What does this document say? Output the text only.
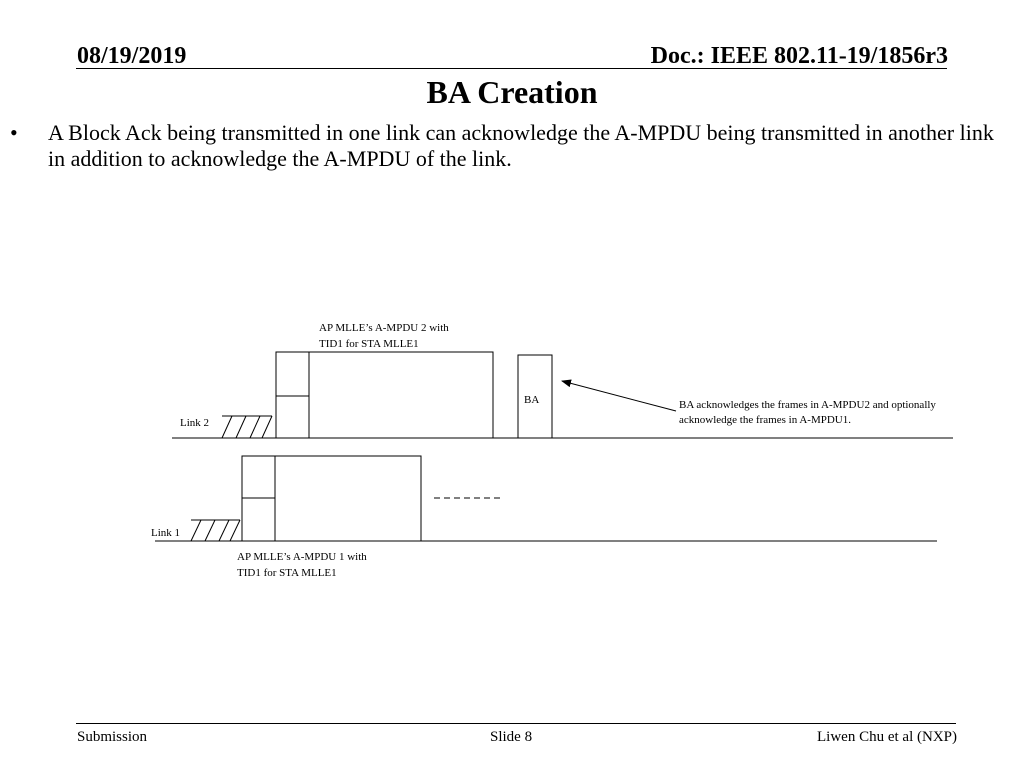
08/19/2019	Doc.: IEEE 802.11-19/1856r3
BA Creation
• A Block Ack being transmitted in one link can acknowledge the A-MPDU being transmitted in another link in addition to acknowledge the A-MPDU of the link.
Link 2
AP MLLE’s A-MPDU 2 with
TID1 for STA MLLE1
BA	BA acknowledges the frames in A-MPDU2 and optionally
acknowledge the frames in A-MPDU1.
Link 1
AP MLLE’s A-MPDU 1 with
TID1 for STA MLLE1
Submission	Slide 8	Liwen Chu et al (NXP)
